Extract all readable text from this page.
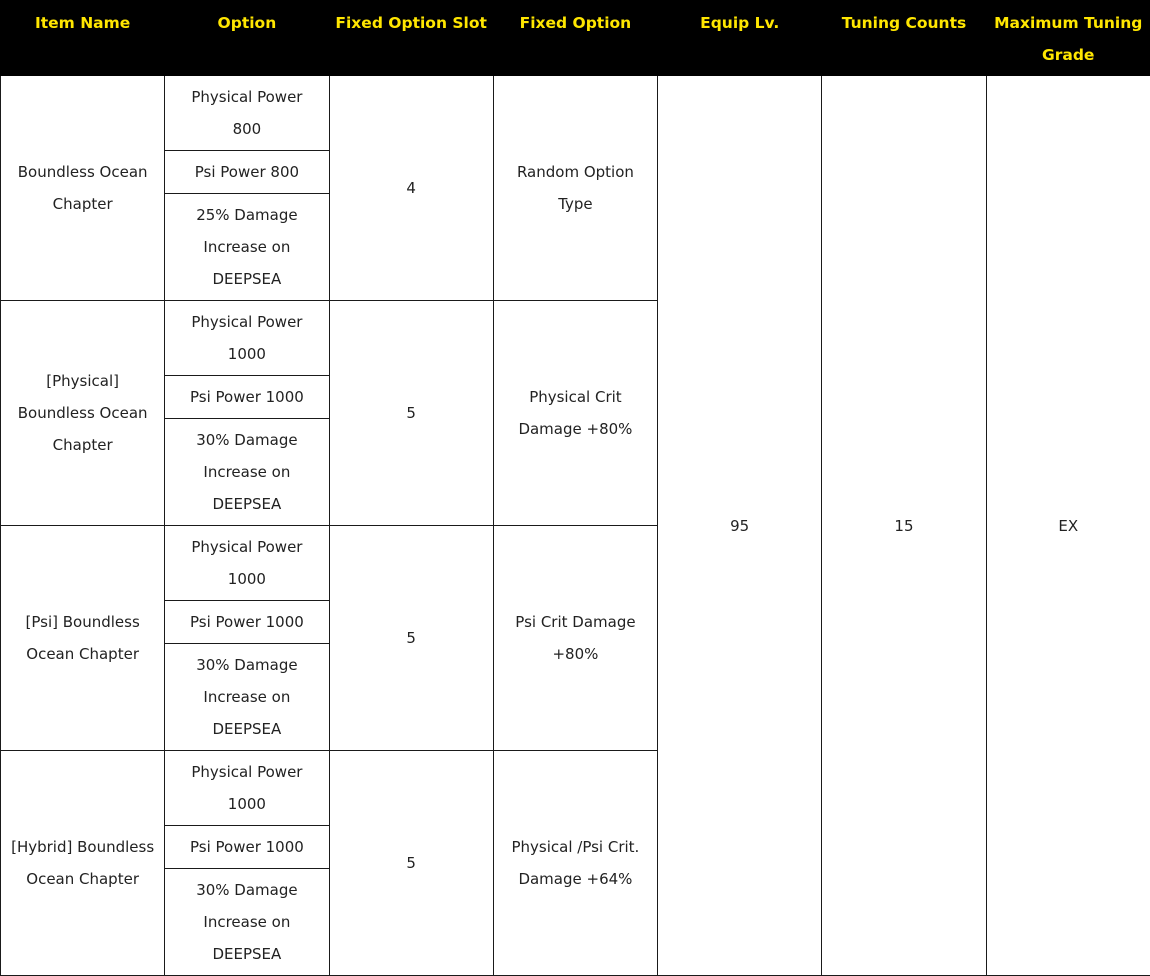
Item Name	Option	Fixed Option Slot	Fixed Option	Equip Lv.	Tuning Counts	Maximum Tuning Grade
Boundless Ocean Chapter	Physical Power 800	4	Random Option Type	95	15	EX
	Psi Power 800					
	25% Damage Increase on DEEPSEA					
[Physical] Boundless Ocean Chapter	Physical Power 1000	5	Physical Crit Damage +80%			
	Psi Power 1000					
	30% Damage Increase on DEEPSEA					
[Psi] Boundless Ocean Chapter	Physical Power 1000	5	Psi Crit Damage +80%			
	Psi Power 1000					
	30% Damage Increase on DEEPSEA					
[Hybrid] Boundless Ocean Chapter	Physical Power 1000	5	Physical /Psi Crit. Damage +64%			
	Psi Power 1000					
	30% Damage Increase on DEEPSEA					
